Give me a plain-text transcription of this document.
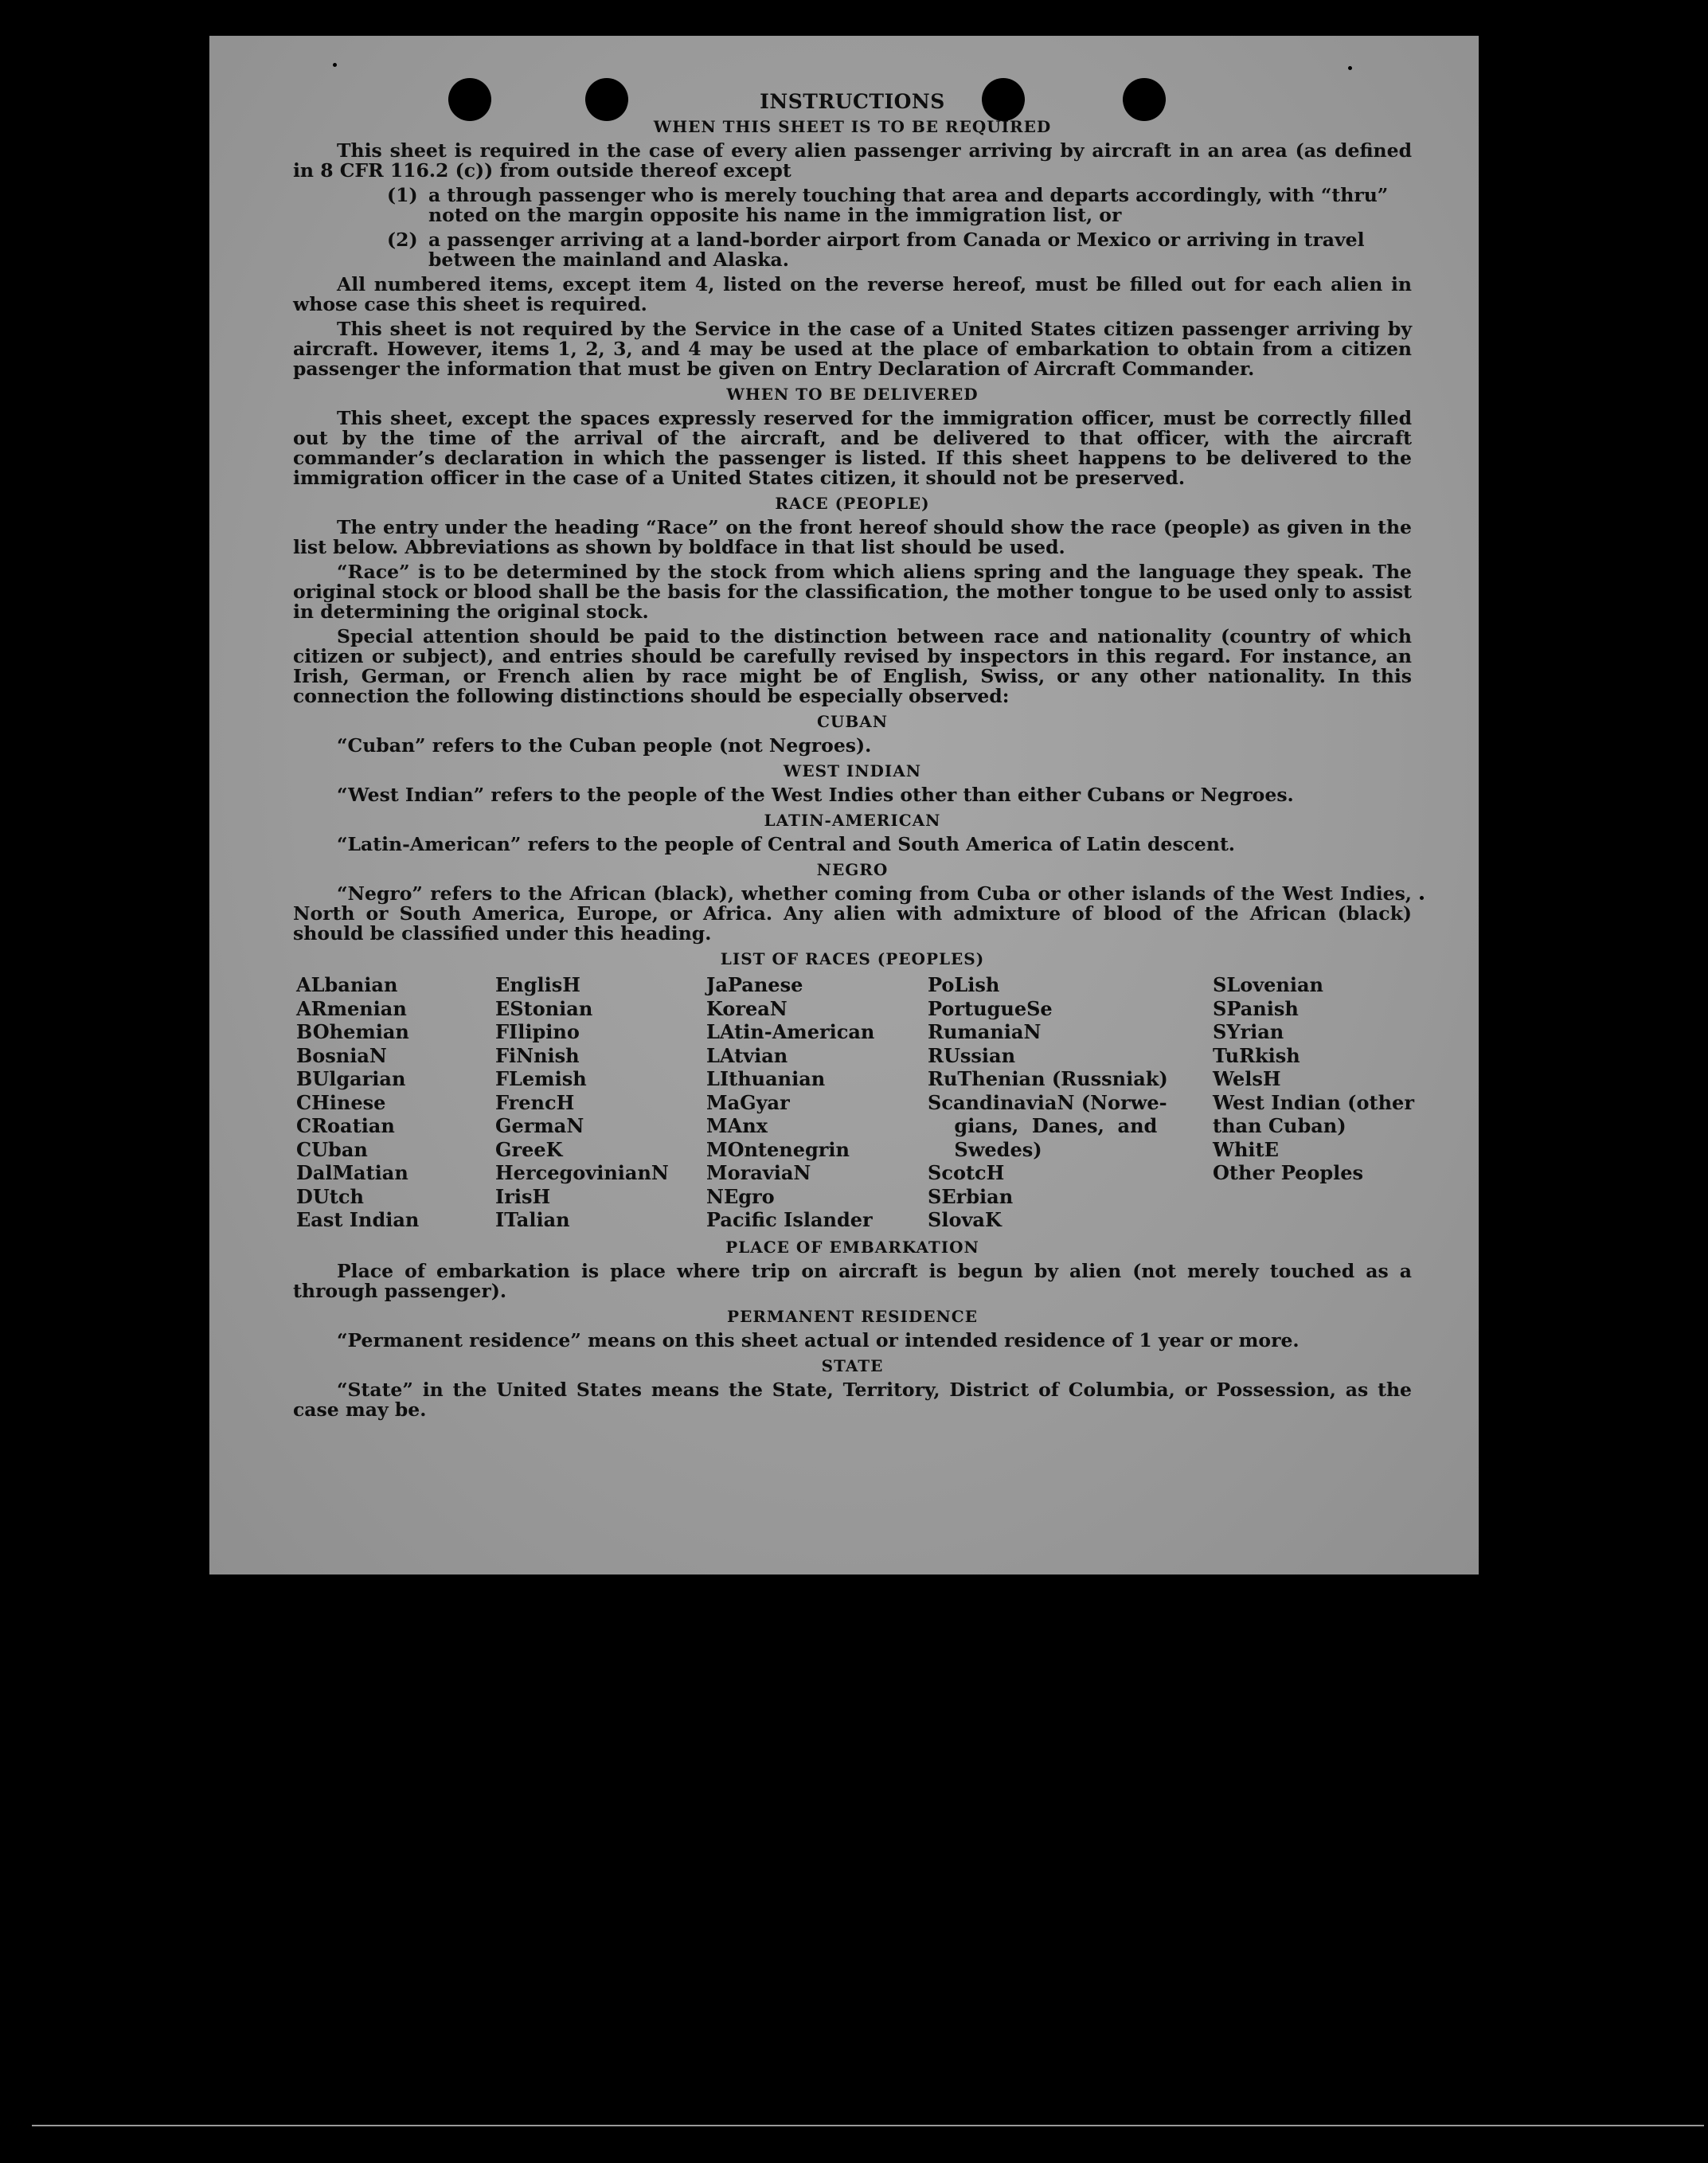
INSTRUCTIONS
WHEN THIS SHEET IS TO BE REQUIRED

This sheet is required in the case of every alien passenger arriving by aircraft in an area (as defined in 8 CFR 116.2 (c)) from outside thereof except

(1) a through passenger who is merely touching that area and departs accordingly, with “thru” noted on the margin opposite his name in the immigration list, or
(2) a passenger arriving at a land-border airport from Canada or Mexico or arriving in travel between the mainland and Alaska.

All numbered items, except item 4, listed on the reverse hereof, must be filled out for each alien in whose case this sheet is required.

This sheet is not required by the Service in the case of a United States citizen passenger arriving by aircraft. However, items 1, 2, 3, and 4 may be used at the place of embarkation to obtain from a citizen passenger the information that must be given on Entry Declaration of Aircraft Commander.

WHEN TO BE DELIVERED

This sheet, except the spaces expressly reserved for the immigration officer, must be correctly filled out by the time of the arrival of the aircraft, and be delivered to that officer, with the aircraft commander’s declaration in which the passenger is listed. If this sheet happens to be delivered to the immigration officer in the case of a United States citizen, it should not be preserved.

RACE (PEOPLE)

The entry under the heading “Race” on the front hereof should show the race (people) as given in the list below. Abbreviations as shown by boldface in that list should be used.

“Race” is to be determined by the stock from which aliens spring and the language they speak. The original stock or blood shall be the basis for the classification, the mother tongue to be used only to assist in determining the original stock.

Special attention should be paid to the distinction between race and nationality (country of which citizen or subject), and entries should be carefully revised by inspectors in this regard. For instance, an Irish, German, or French alien by race might be of English, Swiss, or any other nationality. In this connection the following distinctions should be especially observed:

CUBAN

“Cuban” refers to the Cuban people (not Negroes).

WEST INDIAN

“West Indian” refers to the people of the West Indies other than either Cubans or Negroes.

LATIN-AMERICAN

“Latin-American” refers to the people of Central and South America of Latin descent.

NEGRO

“Negro” refers to the African (black), whether coming from Cuba or other islands of the West Indies, North or South America, Europe, or Africa. Any alien with admixture of blood of the African (black) should be classified under this heading.

LIST OF RACES (PEOPLES)
ALbanian
ARmenian
BOhemian
BosniaN
BUlgarian
CHinese
CRoatian
CUban
DalMatian
DUtch
East Indian
EnglisH
EStonian
FIlipino
FiNnish
FLemish
FrencH
GermaN
GreeK
HercegovinianN
IrisH
ITalian
JaPanese
KoreaN
LAtin-American
LAtvian
LIthuanian
MaGyar
MAnx
MOntenegrin
MoraviaN
NEgro
Pacific Islander
PoLish
PortugueSe
RumaniaN
RUssian
RuThenian (Russniak)
ScandinaviaN (Norwe-
gians,  Danes,  and
Swedes)
ScotcH
SErbian
SlovaK
SLovenian
SPanish
SYrian
TuRkish
WelsH
West Indian (other
than Cuban)
WhitE
Other Peoples
PLACE OF EMBARKATION

Place of embarkation is place where trip on aircraft is begun by alien (not merely touched as a through passenger).

PERMANENT RESIDENCE

“Permanent residence” means on this sheet actual or intended residence of 1 year or more.

STATE

“State” in the United States means the State, Territory, District of Columbia, or Possession, as the case may be.
